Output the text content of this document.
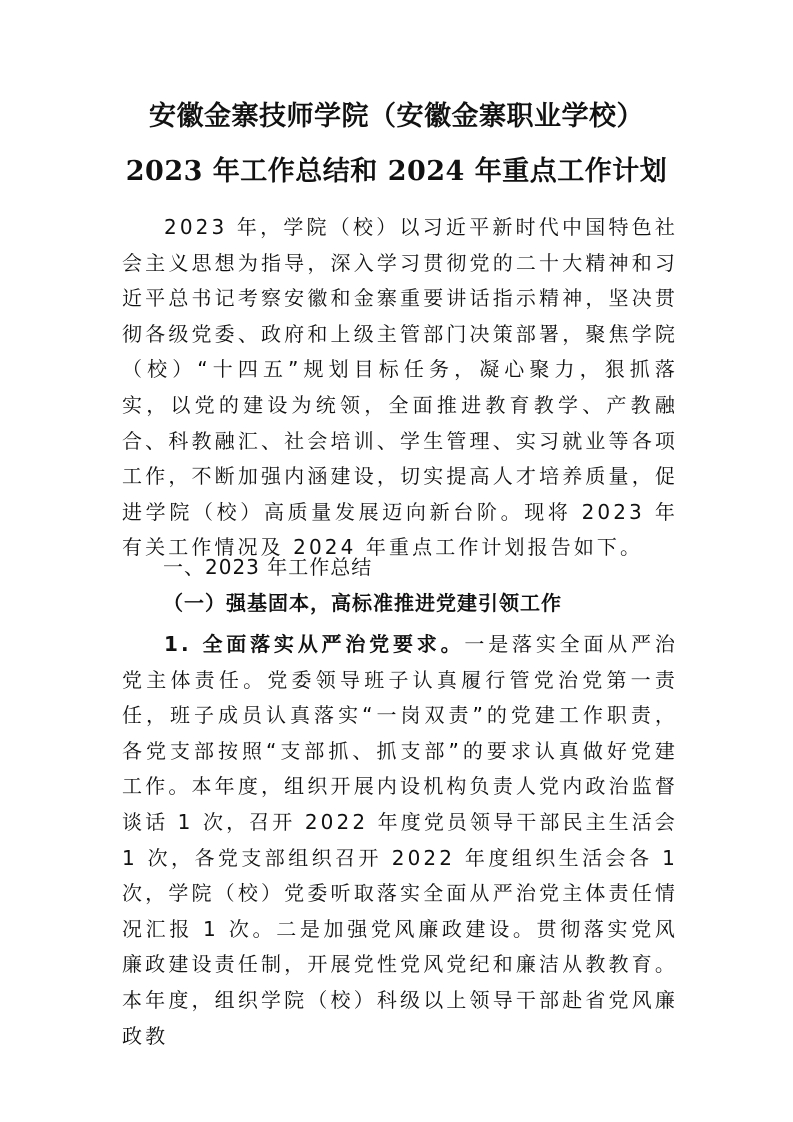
安徽金寨技师学院（安徽金寨职业学校）
2023 年工作总结和 2024 年重点工作计划

2023 年，学院（校）以习近平新时代中国特色社会主义思想为指导，深入学习贯彻党的二十大精神和习近平总书记考察安徽和金寨重要讲话指示精神，坚决贯彻各级党委、政府和上级主管部门决策部署，聚焦学院（校）“十四五”规划目标任务，凝心聚力，狠抓落实，以党的建设为统领，全面推进教育教学、产教融合、科教融汇、社会培训、学生管理、实习就业等各项工作，不断加强内涵建设，切实提高人才培养质量，促进学院（校）高质量发展迈向新台阶。现将 2023 年有关工作情况及 2024 年重点工作计划报告如下。

一、2023 年工作总结

（一）强基固本，高标准推进党建引领工作

1. 全面落实从严治党要求。一是落实全面从严治党主体责任。党委领导班子认真履行管党治党第一责任，班子成员认真落实“一岗双责”的党建工作职责，各党支部按照“支部抓、抓支部”的要求认真做好党建工作。本年度，组织开展内设机构负责人党内政治监督谈话 1 次，召开 2022 年度党员领导干部民主生活会 1 次，各党支部组织召开 2022 年度组织生活会各 1 次，学院（校）党委听取落实全面从严治党主体责任情况汇报 1 次。二是加强党风廉政建设。贯彻落实党风廉政建设责任制，开展党性党风党纪和廉洁从教教育。本年度，组织学院（校）科级以上领导干部赴省党风廉政教
